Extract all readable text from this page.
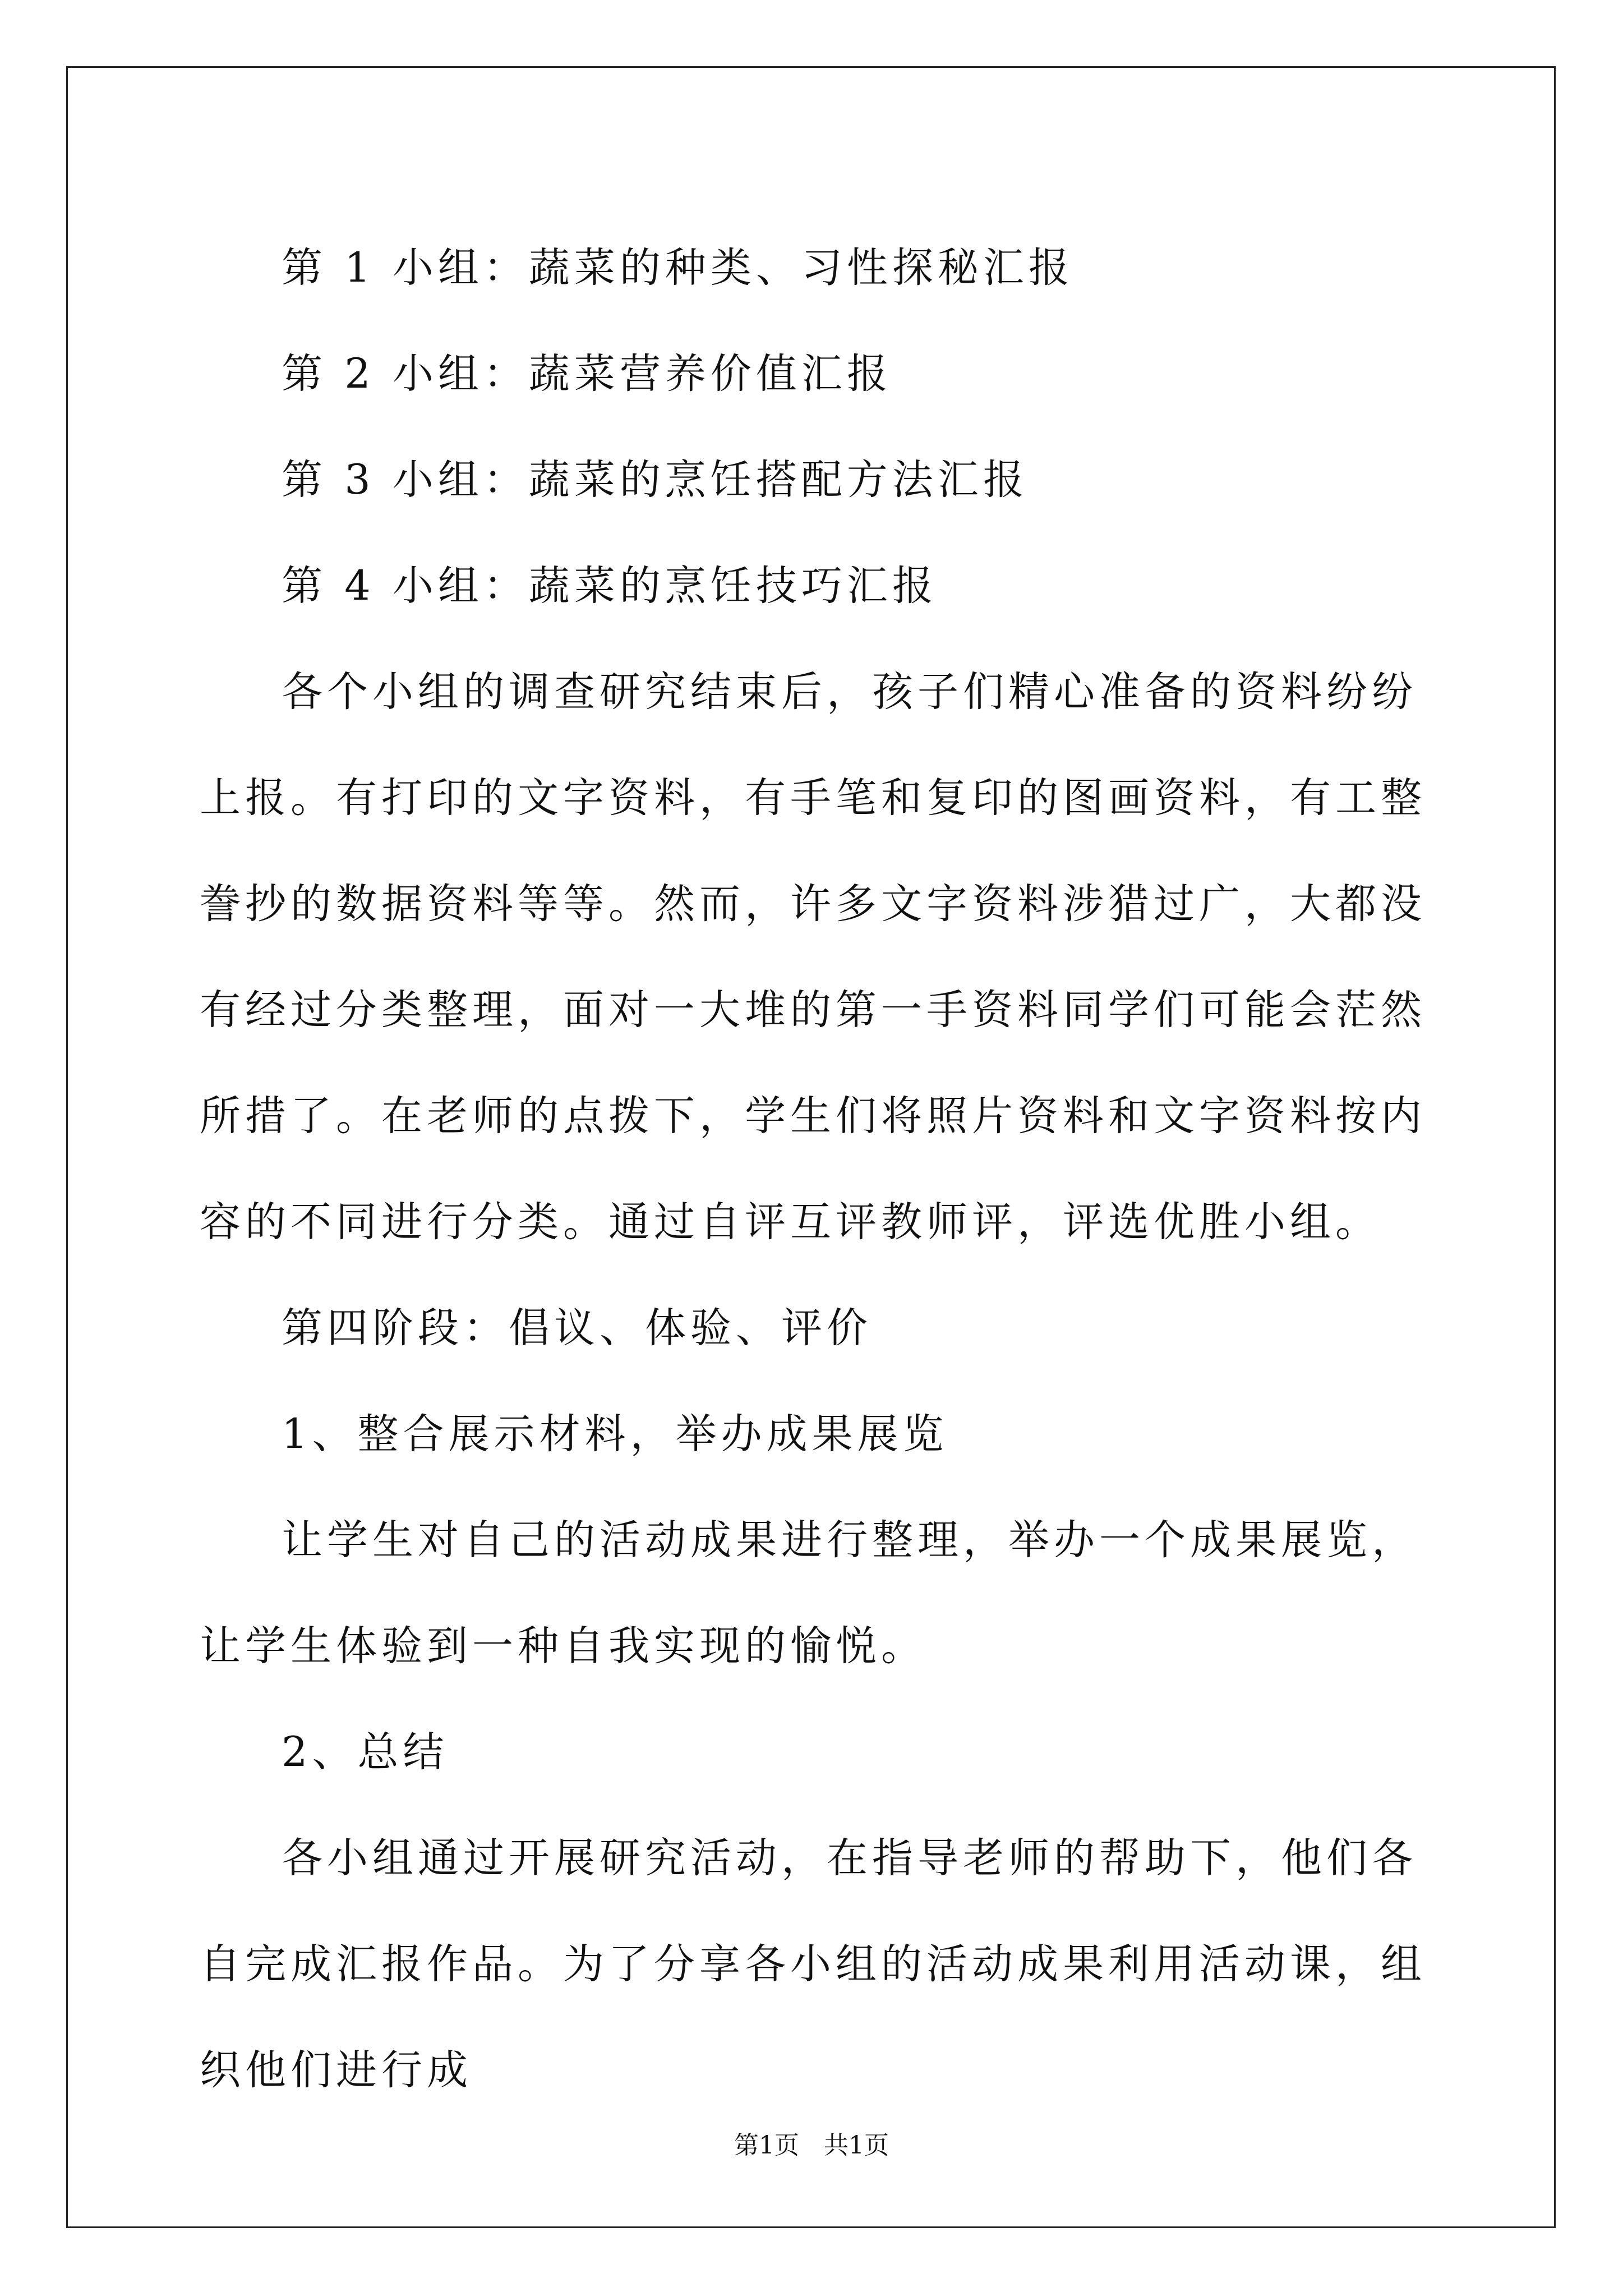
第 1 小组：蔬菜的种类、习性探秘汇报

第 2 小组：蔬菜营养价值汇报

第 3 小组：蔬菜的烹饪搭配方法汇报

第 4 小组：蔬菜的烹饪技巧汇报

各个小组的调查研究结束后，孩子们精心准备的资料纷纷上报。有打印的文字资料，有手笔和复印的图画资料，有工整誊抄的数据资料等等。然而，许多文字资料涉猎过广，大都没有经过分类整理，面对一大堆的第一手资料同学们可能会茫然所措了。在老师的点拨下，学生们将照片资料和文字资料按内容的不同进行分类。通过自评互评教师评，评选优胜小组。

第四阶段：倡议、体验、评价

1、整合展示材料，举办成果展览

让学生对自己的活动成果进行整理，举办一个成果展览，让学生体验到一种自我实现的愉悦。

2、总结

各小组通过开展研究活动，在指导老师的帮助下，他们各自完成汇报作品。为了分享各小组的活动成果利用活动课，组织他们进行成

第1页　共1页
